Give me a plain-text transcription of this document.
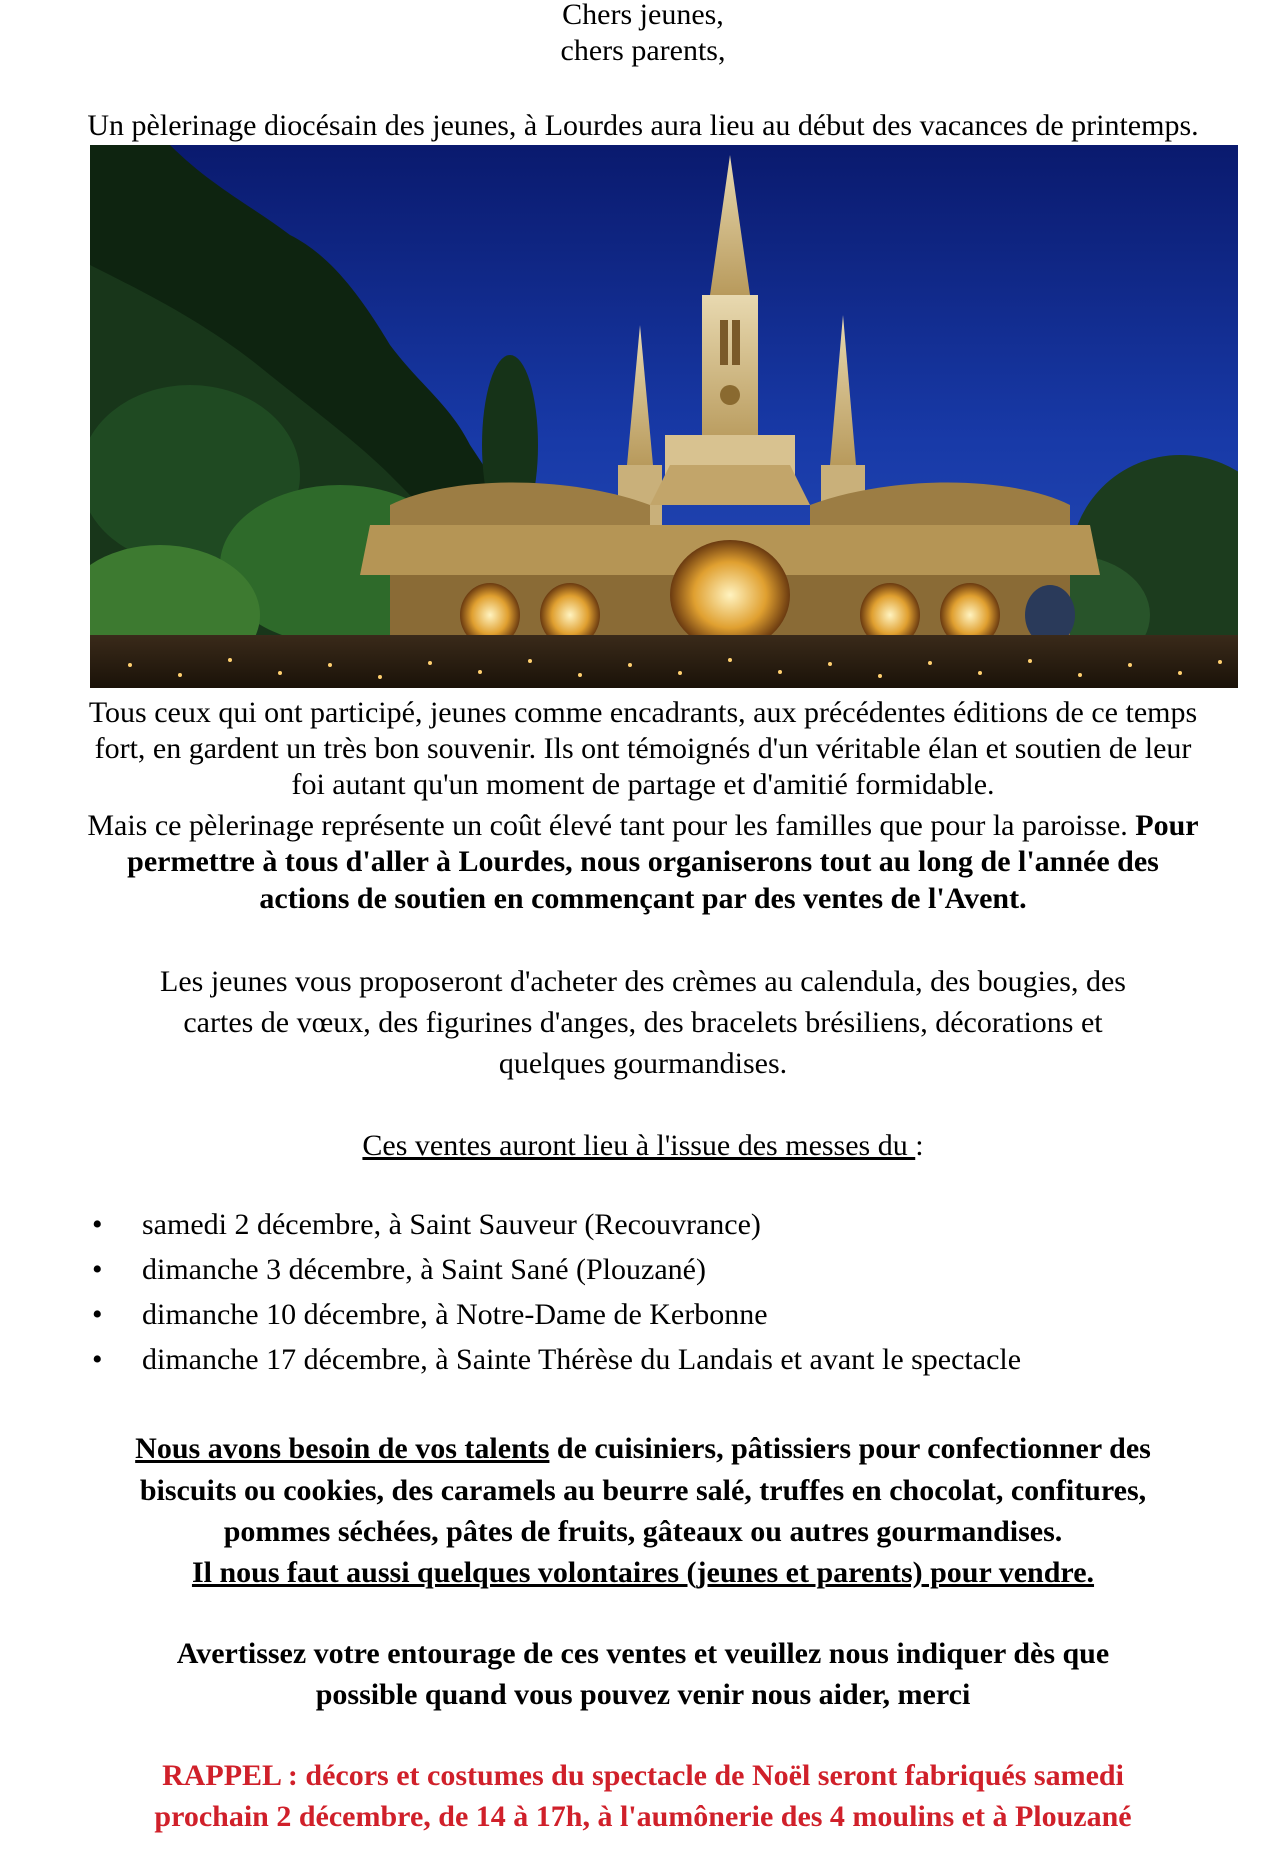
Chers jeunes,

chers parents,

Un pèlerinage diocésain des jeunes, à Lourdes aura lieu au début des vacances de printemps.

Tous ceux qui ont participé, jeunes comme encadrants, aux précédentes éditions de ce temps

fort, en gardent un très bon souvenir. Ils ont témoignés d'un véritable élan et soutien de leur

foi autant qu'un moment de partage et d'amitié formidable.

Mais ce pèlerinage représente un coût élevé tant pour les familles que pour la paroisse. Pour

permettre à tous d'aller à Lourdes, nous organiserons tout au long de l'année des

actions de soutien en commençant par des ventes de l'Avent.

Les jeunes vous proposeront d'acheter des crèmes au calendula, des bougies, des

cartes de vœux, des figurines d'anges, des bracelets brésiliens, décorations et

quelques gourmandises.

Ces ventes auront lieu à l'issue des messes du :

• samedi 2 décembre, à Saint Sauveur (Recouvrance)
• dimanche 3 décembre, à Saint Sané (Plouzané)
• dimanche 10 décembre, à Notre-Dame de Kerbonne
• dimanche 17 décembre, à Sainte Thérèse du Landais et avant le spectacle

Nous avons besoin de vos talents de cuisiniers, pâtissiers pour confectionner des

biscuits ou cookies, des caramels au beurre salé, truffes en chocolat, confitures,

pommes séchées, pâtes de fruits, gâteaux ou autres gourmandises.

Il nous faut aussi quelques volontaires (jeunes et parents) pour vendre.

Avertissez votre entourage de ces ventes et veuillez nous indiquer dès que

possible quand vous pouvez venir nous aider, merci

RAPPEL : décors et costumes du spectacle de Noël seront fabriqués samedi

prochain 2 décembre, de 14 à 17h, à l'aumônerie des 4 moulins et à Plouzané
